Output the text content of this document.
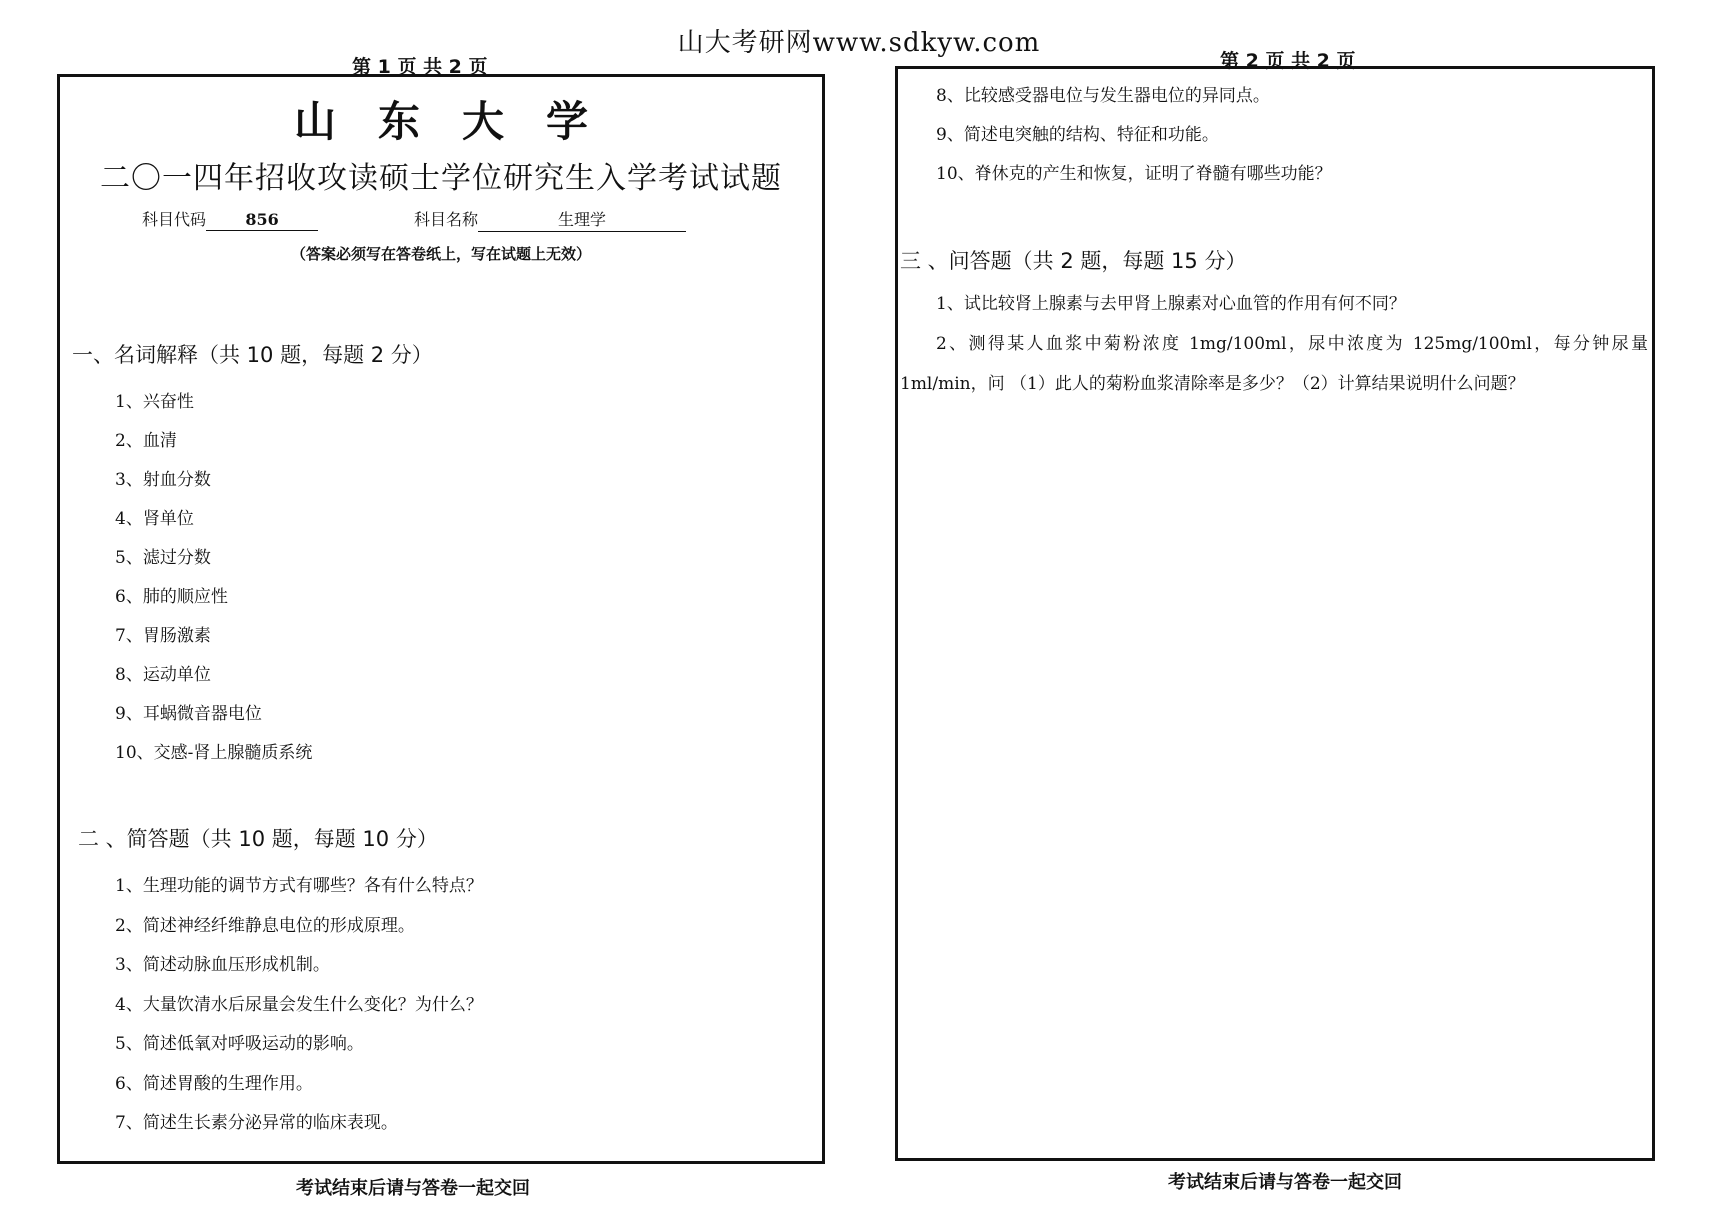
山大考研网www.sdkyw.com
第 1 页 共 2 页	第 2 页 共 2 页
山东大学
二〇一四年招收攻读硕士学位研究生入学考试试题
科目代码 856	科目名称	生理学
（答案必须写在答卷纸上，写在试题上无效）
一、名词解释（共 10 题，每题 2 分）
1、兴奋性
2、血清
3、射血分数
4、肾单位
5、滤过分数
6、肺的顺应性
7、胃肠激素
8、运动单位
9、耳蜗微音器电位
10、交感-肾上腺髓质系统
二 、简答题（共 10 题，每题 10 分）
1、生理功能的调节方式有哪些？各有什么特点？
2、简述神经纤维静息电位的形成原理。
3、简述动脉血压形成机制。
4、大量饮清水后尿量会发生什么变化？为什么？
5、简述低氧对呼吸运动的影响。
6、简述胃酸的生理作用。
7、简述生长素分泌异常的临床表现。
考试结束后请与答卷一起交回
8、比较感受器电位与发生器电位的异同点。
9、简述电突触的结构、特征和功能。
10、脊休克的产生和恢复，证明了脊髓有哪些功能？
三 、问答题（共 2 题，每题 15 分）
1、试比较肾上腺素与去甲肾上腺素对心血管的作用有何不同？
2、测得某人血浆中菊粉浓度 1mg/100ml，尿中浓度为 125mg/100ml，每分钟尿量 1ml/min，问 （1）此人的菊粉血浆清除率是多少？（2）计算结果说明什么问题？
考试结束后请与答卷一起交回
